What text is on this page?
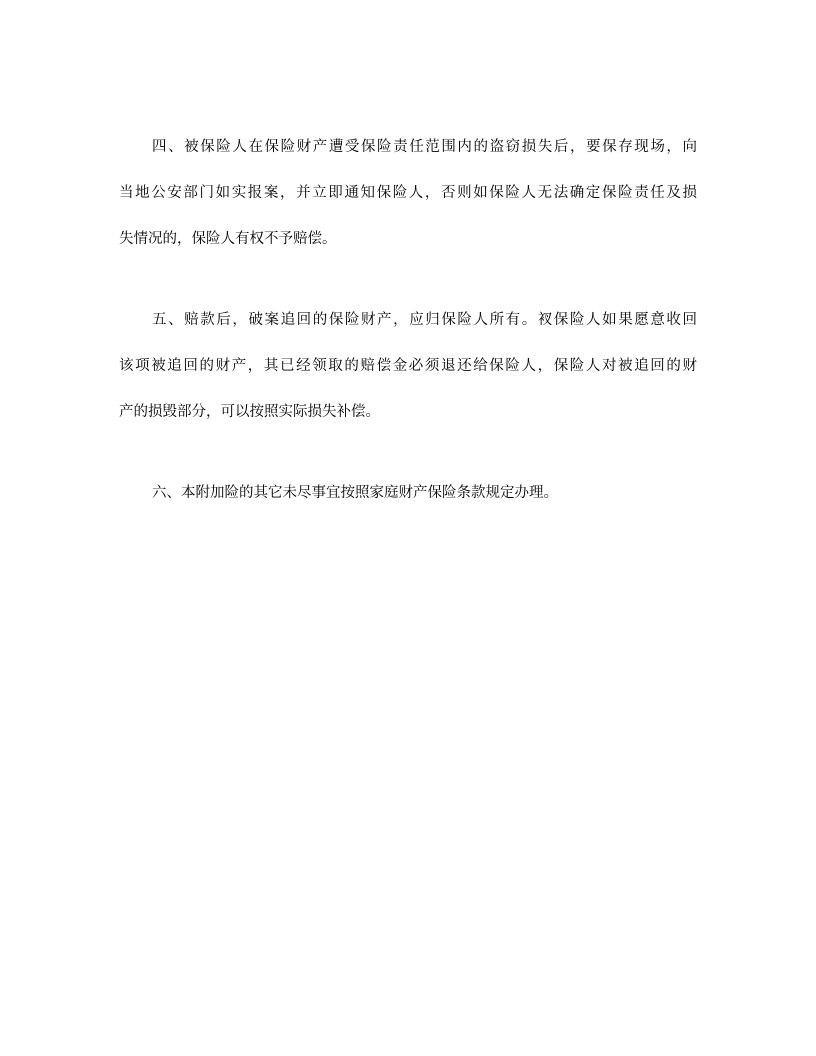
四、被保险人在保险财产遭受保险责任范围内的盗窃损失后，要保存现场，向
当地公安部门如实报案，并立即通知保险人，否则如保险人无法确定保险责任及损
失情况的，保险人有权不予赔偿。
五、赔款后，破案追回的保险财产，应归保险人所有。衩保险人如果愿意收回
该项被追回的财产，其已经领取的赔偿金必须退还给保险人，保险人对被追回的财
产的损毁部分，可以按照实际损失补偿。
六、本附加险的其它未尽事宜按照家庭财产保险条款规定办理。
